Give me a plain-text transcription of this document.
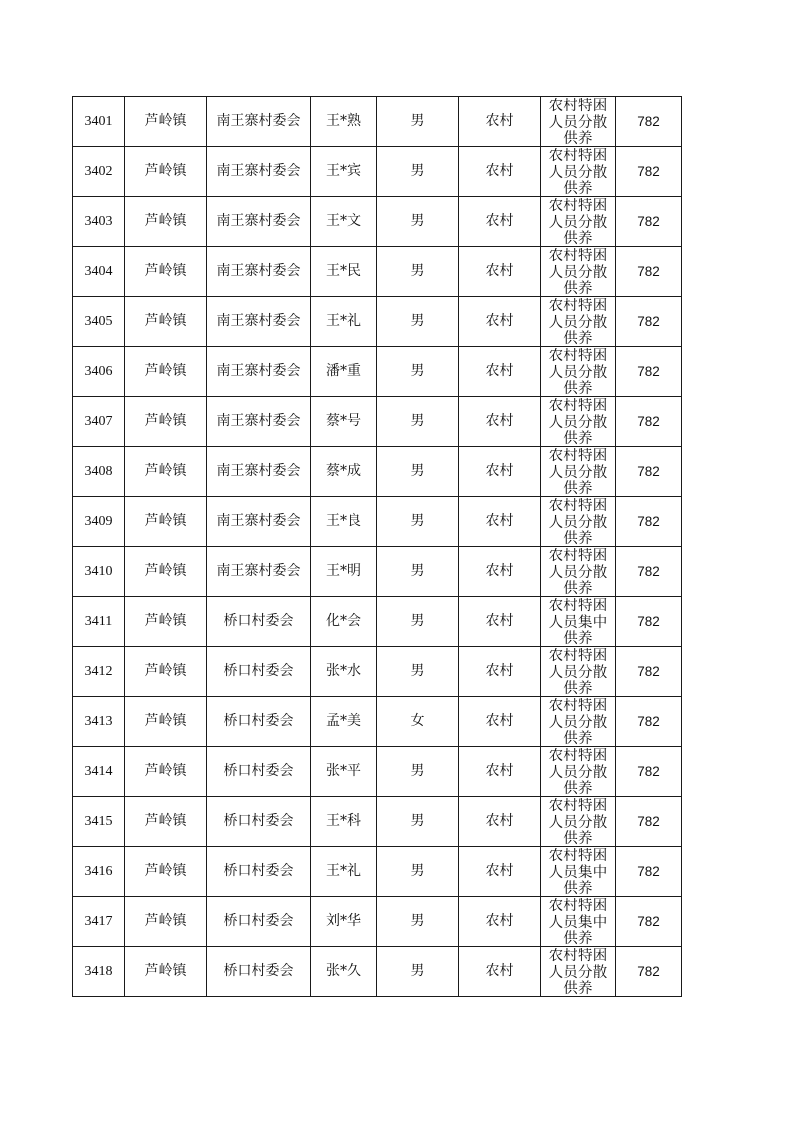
3401	芦岭镇	南王寨村委会	王*熟	男	农村	农村特困人员分散供养	782
3402	芦岭镇	南王寨村委会	王*宾	男	农村	农村特困人员分散供养	782
3403	芦岭镇	南王寨村委会	王*文	男	农村	农村特困人员分散供养	782
3404	芦岭镇	南王寨村委会	王*民	男	农村	农村特困人员分散供养	782
3405	芦岭镇	南王寨村委会	王*礼	男	农村	农村特困人员分散供养	782
3406	芦岭镇	南王寨村委会	潘*重	男	农村	农村特困人员分散供养	782
3407	芦岭镇	南王寨村委会	蔡*号	男	农村	农村特困人员分散供养	782
3408	芦岭镇	南王寨村委会	蔡*成	男	农村	农村特困人员分散供养	782
3409	芦岭镇	南王寨村委会	王*良	男	农村	农村特困人员分散供养	782
3410	芦岭镇	南王寨村委会	王*明	男	农村	农村特困人员分散供养	782
3411	芦岭镇	桥口村委会	化*会	男	农村	农村特困人员集中供养	782
3412	芦岭镇	桥口村委会	张*水	男	农村	农村特困人员分散供养	782
3413	芦岭镇	桥口村委会	孟*美	女	农村	农村特困人员分散供养	782
3414	芦岭镇	桥口村委会	张*平	男	农村	农村特困人员分散供养	782
3415	芦岭镇	桥口村委会	王*科	男	农村	农村特困人员分散供养	782
3416	芦岭镇	桥口村委会	王*礼	男	农村	农村特困人员集中供养	782
3417	芦岭镇	桥口村委会	刘*华	男	农村	农村特困人员集中供养	782
3418	芦岭镇	桥口村委会	张*久	男	农村	农村特困人员分散供养	782
